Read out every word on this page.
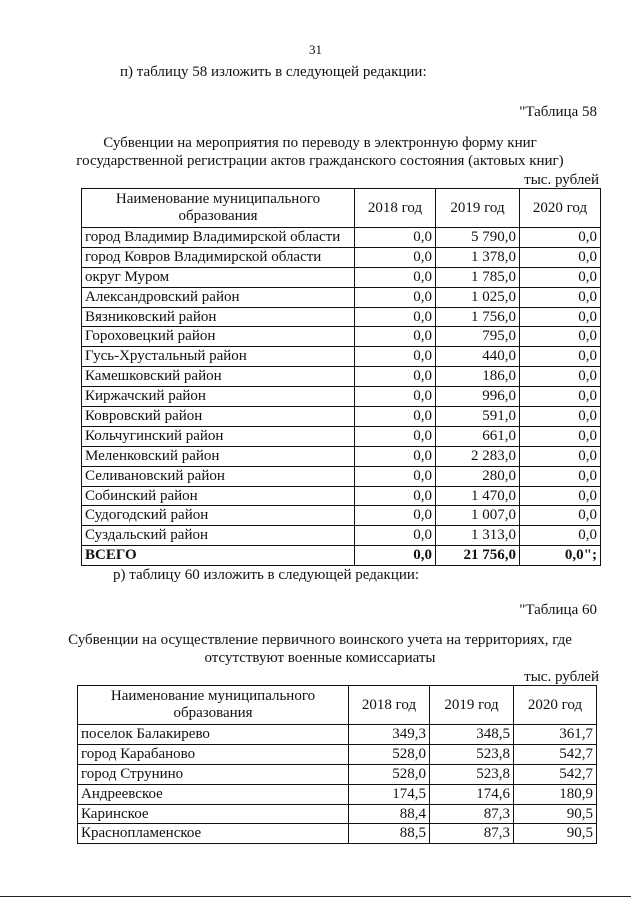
31
п) таблицу 58 изложить в следующей редакции:
"Таблица 58
Субвенции на мероприятия по переводу в электронную форму книг государственной регистрации актов гражданского состояния (актовых книг)
тыс. рублей
Наименование муниципального образования	2018 год	2019 год	2020 год
город Владимир Владимирской области	0,0	5 790,0	0,0
город Ковров Владимирской области	0,0	1 378,0	0,0
округ Муром	0,0	1 785,0	0,0
Александровский район	0,0	1 025,0	0,0
Вязниковский район	0,0	1 756,0	0,0
Гороховецкий район	0,0	795,0	0,0
Гусь-Хрустальный район	0,0	440,0	0,0
Камешковский район	0,0	186,0	0,0
Киржачский район	0,0	996,0	0,0
Ковровский район	0,0	591,0	0,0
Кольчугинский район	0,0	661,0	0,0
Меленковский район	0,0	2 283,0	0,0
Селивановский район	0,0	280,0	0,0
Собинский район	0,0	1 470,0	0,0
Судогодский район	0,0	1 007,0	0,0
Суздальский район	0,0	1 313,0	0,0
ВСЕГО	0,0	21 756,0	0,0";
р) таблицу 60 изложить в следующей редакции:
"Таблица 60
Субвенции на осуществление первичного воинского учета на территориях, где отсутствуют военные комиссариаты
тыс. рублей
Наименование муниципального образования	2018 год	2019 год	2020 год
поселок Балакирево	349,3	348,5	361,7
город Карабаново	528,0	523,8	542,7
город Струнино	528,0	523,8	542,7
Андреевское	174,5	174,6	180,9
Каринское	88,4	87,3	90,5
Краснопламенское	88,5	87,3	90,5
